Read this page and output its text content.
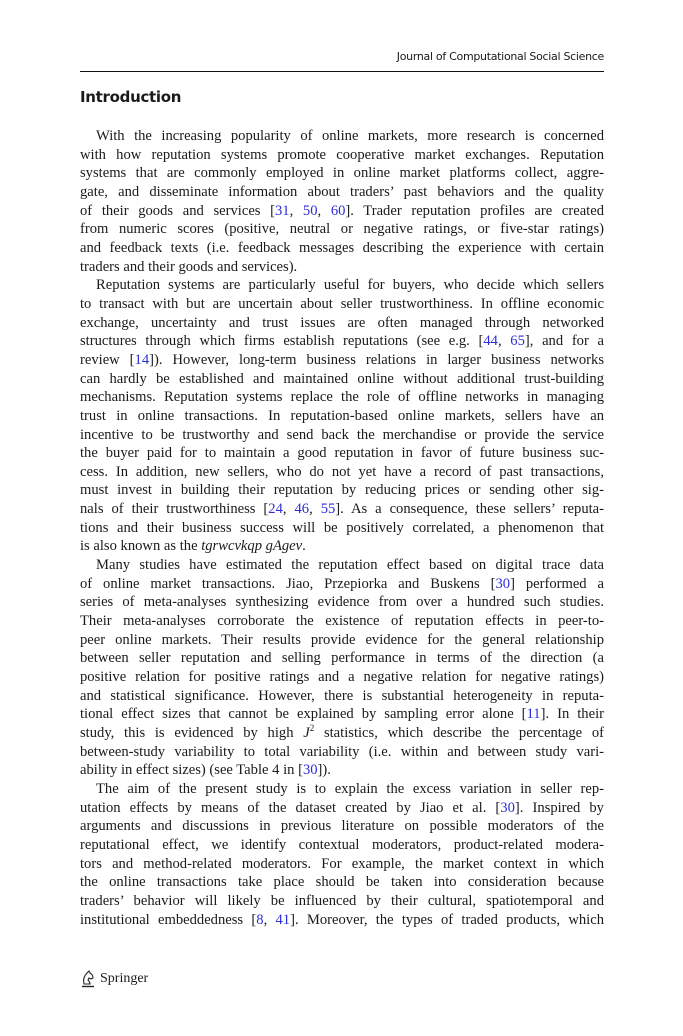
Journal of Computational Social Science
Introduction
With the increasing popularity of online markets, more research is concerned
with how reputation systems promote cooperative market exchanges. Reputation
systems that are commonly employed in online market platforms collect, aggre-
gate, and disseminate information about traders’ past behaviors and the quality
of their goods and services [31, 50, 60]. Trader reputation profiles are created
from numeric scores (positive, neutral or negative ratings, or five-star ratings)
and feedback texts (i.e. feedback messages describing the experience with certain
traders and their goods and services).
Reputation systems are particularly useful for buyers, who decide which sellers
to transact with but are uncertain about seller trustworthiness. In offline economic
exchange, uncertainty and trust issues are often managed through networked
structures through which firms establish reputations (see e.g. [44, 65], and for a
review [14]). However, long-term business relations in larger business networks
can hardly be established and maintained online without additional trust-building
mechanisms. Reputation systems replace the role of offline networks in managing
trust in online transactions. In reputation-based online markets, sellers have an
incentive to be trustworthy and send back the merchandise or provide the service
the buyer paid for to maintain a good reputation in favor of future business suc-
cess. In addition, new sellers, who do not yet have a record of past transactions,
must invest in building their reputation by reducing prices or sending other sig-
nals of their trustworthiness [24, 46, 55]. As a consequence, these sellers’ reputa-
tions and their business success will be positively correlated, a phenomenon that
is also known as the tgrwcvkqp gAgev.
Many studies have estimated the reputation effect based on digital trace data
of online market transactions. Jiao, Przepiorka and Buskens [30] performed a
series of meta-analyses synthesizing evidence from over a hundred such studies.
Their meta-analyses corroborate the existence of reputation effects in peer-to-
peer online markets. Their results provide evidence for the general relationship
between seller reputation and selling performance in terms of the direction (a
positive relation for positive ratings and a negative relation for negative ratings)
and statistical significance. However, there is substantial heterogeneity in reputa-
tional effect sizes that cannot be explained by sampling error alone [11]. In their
study, this is evidenced by high $J^2$ statistics, which describe the percentage of
between-study variability to total variability (i.e. within and between study vari-
ability in effect sizes) (see Table 4 in [30]).
The aim of the present study is to explain the excess variation in seller rep-
utation effects by means of the dataset created by Jiao et al. [30]. Inspired by
arguments and discussions in previous literature on possible moderators of the
reputational effect, we identify contextual moderators, product-related modera-
tors and method-related moderators. For example, the market context in which
the online transactions take place should be taken into consideration because
traders’ behavior will likely be influenced by their cultural, spatiotemporal and
institutional embeddedness [8, 41]. Moreover, the types of traded products, which
Springer
